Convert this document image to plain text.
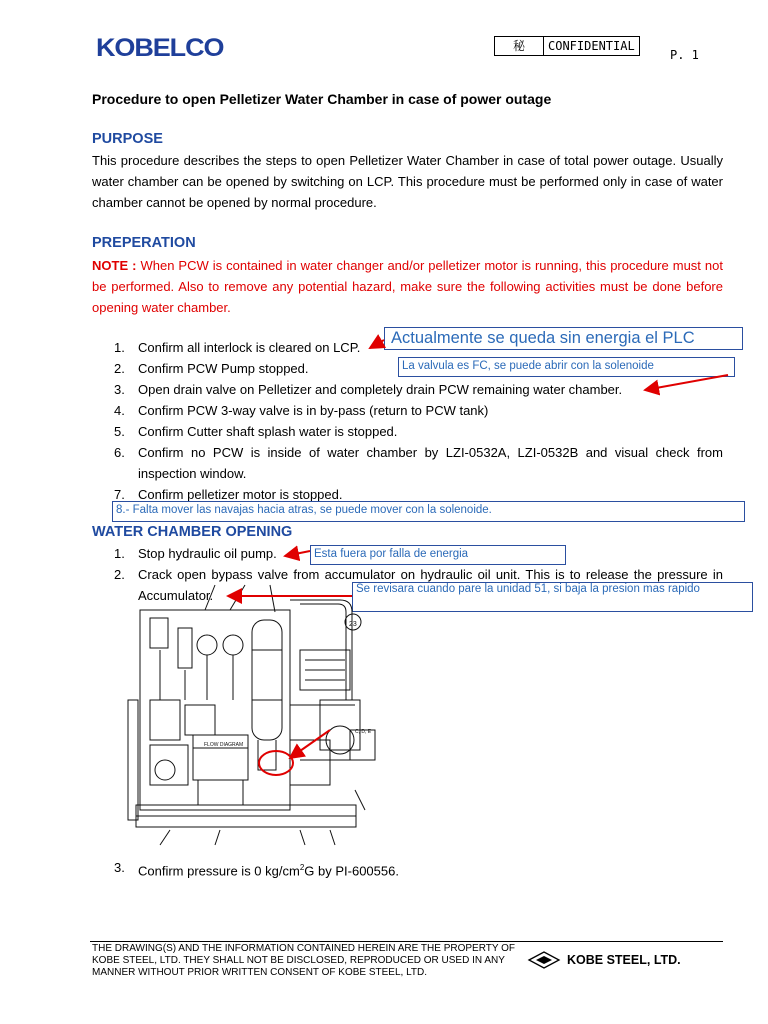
KOBELCO	秘	CONFIDENTIAL
P. 1
Procedure to open Pelletizer Water Chamber in case of power outage
PURPOSE
This procedure describes the steps to open Pelletizer Water Chamber in case of total power outage. Usually water chamber can be opened by switching on LCP. This procedure must be performed only in case of water chamber cannot be opened by normal procedure.
PREPERATION
NOTE : When PCW is contained in water changer and/or pelletizer motor is running, this procedure must not be performed. Also to remove any potential hazard, make sure the following activities must be done before opening water chamber.
1. Confirm all interlock is cleared on LCP.
2. Confirm PCW Pump stopped.
3. Open drain valve on Pelletizer and completely drain PCW remaining water chamber.
4. Confirm PCW 3-way valve is in by-pass (return to PCW tank)
5. Confirm Cutter shaft splash water is stopped.
6. Confirm no PCW is inside of water chamber by LZI-0532A, LZI-0532B and visual check from inspection window.
7. Confirm pelletizer motor is stopped.
WATER CHAMBER OPENING
1. Stop hydraulic oil pump.
2. Crack open bypass valve from accumulator on hydraulic oil unit. This is to release the pressure in Accumulator.
3. Confirm pressure is 0 $kg/cm^2G$ by PI-600556.
Actualmente se queda sin energia el PLC
La valvula es FC, se puede abrir con la solenoide
8.- Falta mover las navajas hacia atras, se puede mover con la solenoide.
Esta fuera por falla de energia
Se revisara cuando pare la unidad 51, si baja la presion mas rapido
23
FLOW DIAGRAM
C, D, E
THE DRAWING(S) AND THE INFORMATION CONTAINED HEREIN ARE THE PROPERTY OF KOBE STEEL, LTD. THEY SHALL NOT BE DISCLOSED, REPRODUCED OR USED IN ANY MANNER WITHOUT PRIOR WRITTEN CONSENT OF KOBE STEEL, LTD.
KOBE STEEL, LTD.
